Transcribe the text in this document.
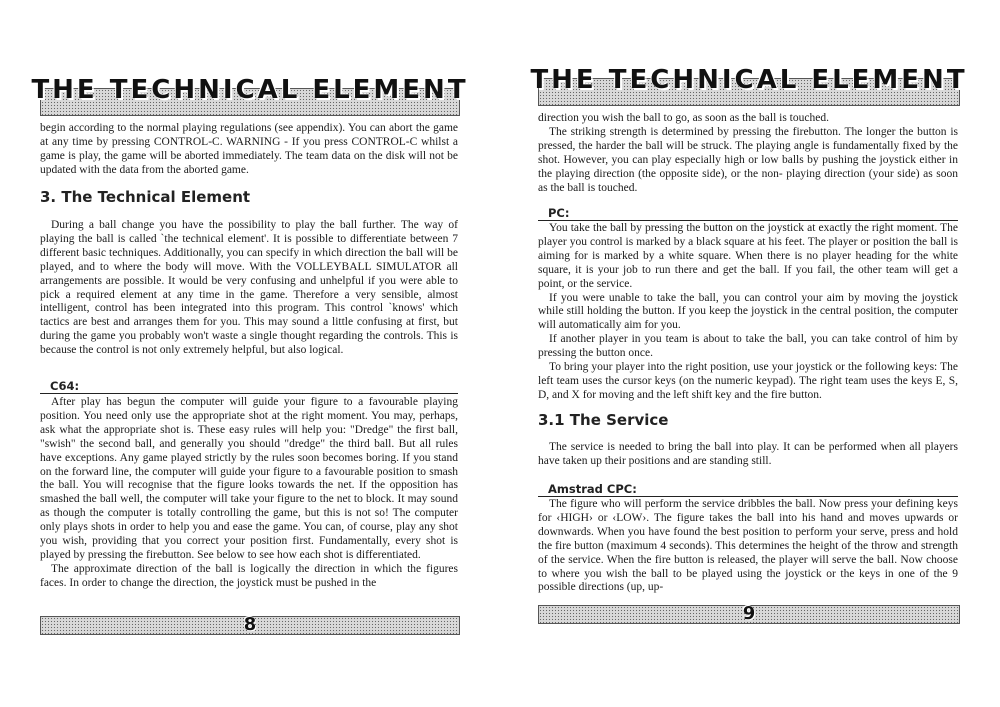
THE TECHNICAL ELEMENT

begin according to the normal playing regulations (see appendix). You can abort the game at any time by pressing CONTROL-C. WARNING - If you press CONTROL-C whilst a game is play, the game will be aborted immediately. The team data on the disk will not be updated with the data from the aborted game.

3. The Technical Element

During a ball change you have the possibility to play the ball further. The way of playing the ball is called `the technical element'. It is possible to differentiate between 7 different basic techniques. Additionally, you can specify in which direction the ball will be played, and to where the body will move. With the VOLLEYBALL SIMULATOR all arrangements are possible. It would be very confusing and unhelpful if you were able to pick a required element at any time in the game. Therefore a very sensible, almost intelligent, control has been integrated into this program. This control `knows' which tactics are best and arranges them for you. This may sound a little confusing at first, but during the game you probably won't waste a single thought regarding the controls. This is because the control is not only extremely helpful, but also logical.

C64:

After play has begun the computer will guide your figure to a favourable playing position. You need only use the appropriate shot at the right moment. You may, perhaps, ask what the appropriate shot is. These easy rules will help you: "Dredge" the first ball, "swish" the second ball, and generally you should "dredge" the third ball. But all rules have exceptions. Any game played strictly by the rules soon becomes boring. If you stand on the forward line, the computer will guide your figure to a favourable position to smash the ball. You will recognise that the figure looks towards the net. If the opposition has smashed the ball well, the computer will take your figure to the net to block. It may sound as though the computer is totally controlling the game, but this is not so! The computer only plays shots in order to help you and ease the game. You can, of course, play any shot you wish, providing that you correct your position first. Fundamentally, every shot is played by pressing the firebutton. See below to see how each shot is differentiated.

The approximate direction of the ball is logically the direction in which the figures faces. In order to change the direction, the joystick must be pushed in the

8
THE TECHNICAL ELEMENT

direction you wish the ball to go, as soon as the ball is touched.

The striking strength is determined by pressing the firebutton. The longer the button is pressed, the harder the ball will be struck. The playing angle is fundamentally fixed by the shot. However, you can play especially high or low balls by pushing the joystick either in the playing direction (the opposite side), or the non- playing direction (your side) as soon as the ball is touched.

PC:

You take the ball by pressing the button on the joystick at exactly the right moment. The player you control is marked by a black square at his feet. The player or position the ball is aiming for is marked by a white square. When there is no player heading for the white square, it is your job to run there and get the ball. If you fail, the other team will get a point, or the service.

If you were unable to take the ball, you can control your aim by moving the joystick while still holding the button. If you keep the joystick in the central position, the computer will automatically aim for you.

If another player in you team is about to take the ball, you can take control of him by pressing the button once.

To bring your player into the right position, use your joystick or the following keys: The left team uses the cursor keys (on the numeric keypad). The right team uses the keys E, S, D, and X for moving and the left shift key and the fire button.

3.1 The Service

The service is needed to bring the ball into play. It can be performed when all players have taken up their positions and are standing still.

Amstrad CPC:

The figure who will perform the service dribbles the ball. Now press your defining keys for ‹HIGH› or ‹LOW›. The figure takes the ball into his hand and moves upwards or downwards. When you have found the best position to perform your serve, press and hold the fire button (maximum 4 seconds). This determines the height of the throw and strength of the service. When the fire button is released, the player will serve the ball. Now choose to where you wish the ball to be played using the joystick or the keys in one of the 9 possible directions (up, up-

9
